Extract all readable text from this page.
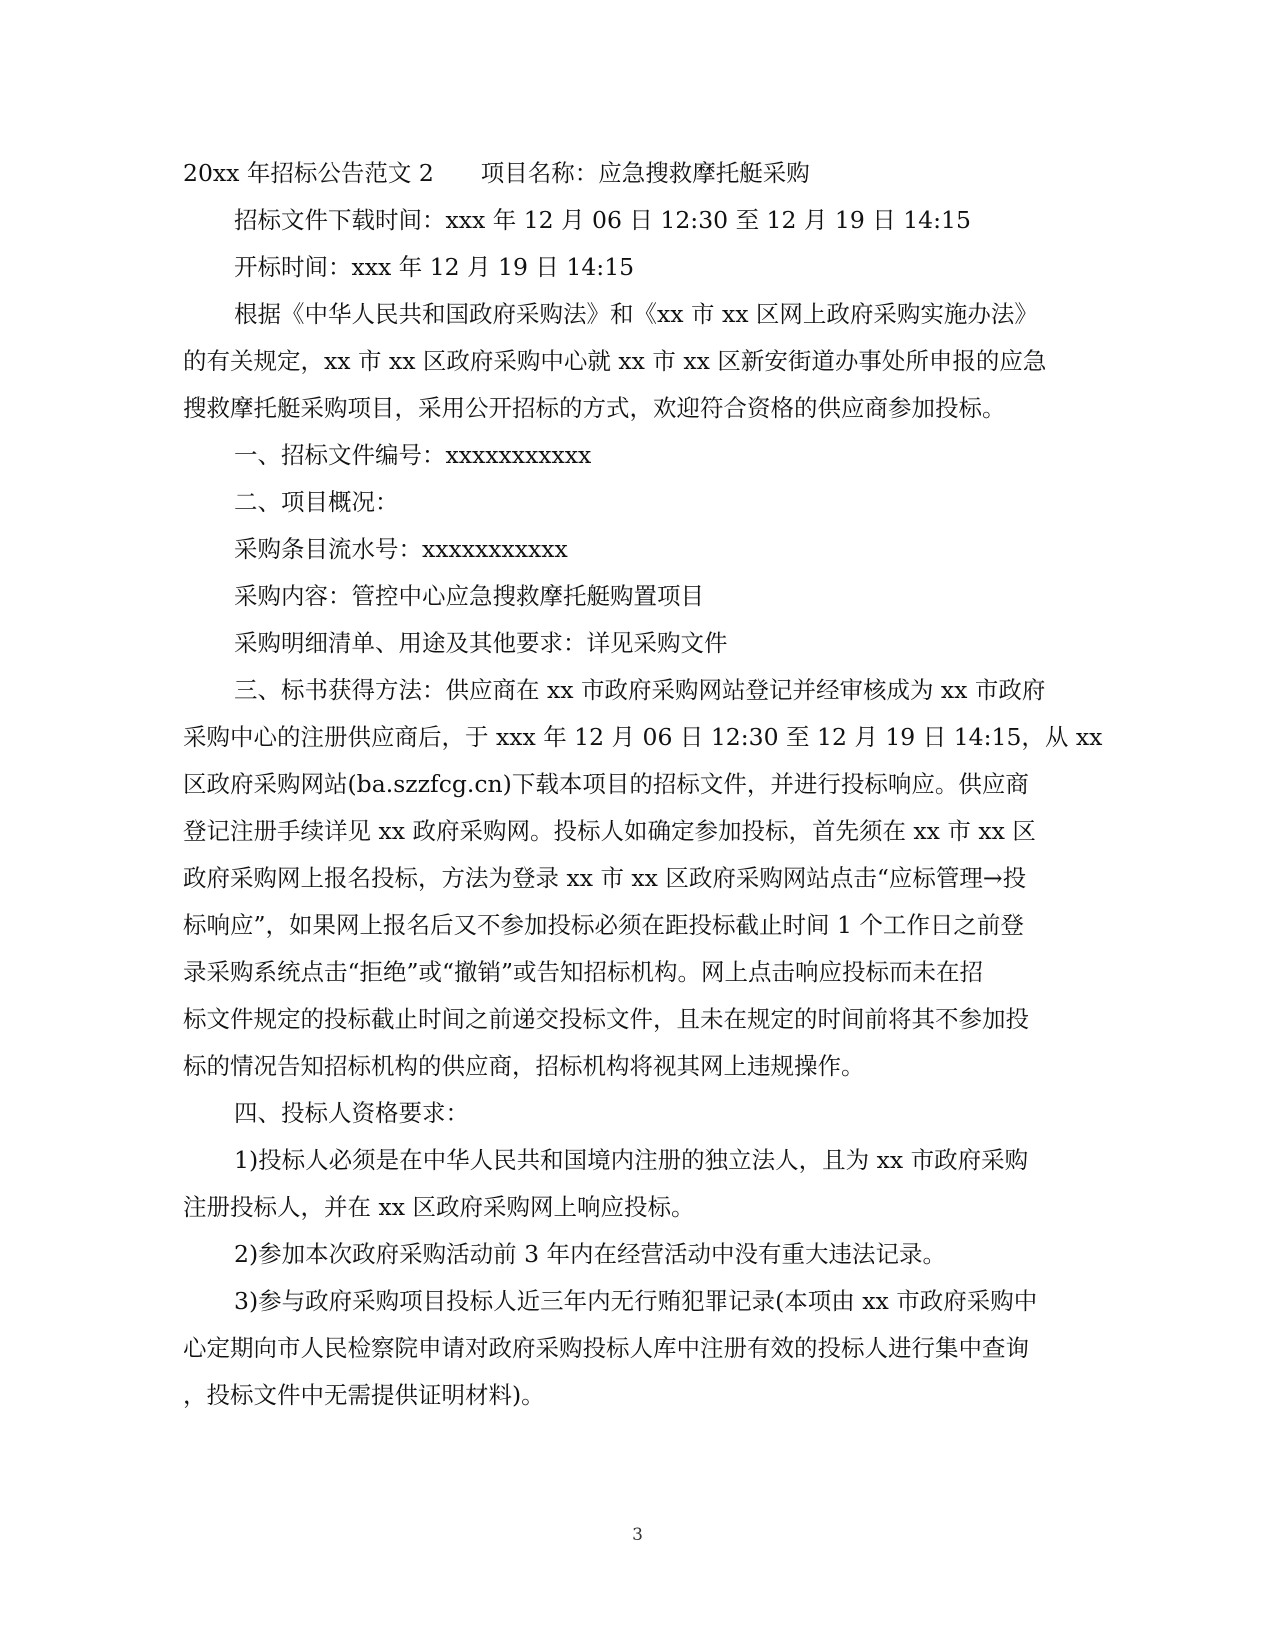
20xx 年招标公告范文 2　　项目名称：应急搜救摩托艇采购
招标文件下载时间：xxx 年 12 月 06 日 12:30 至 12 月 19 日 14:15
开标时间：xxx 年 12 月 19 日 14:15
根据《中华人民共和国政府采购法》和《xx 市 xx 区网上政府采购实施办法》
的有关规定，xx 市 xx 区政府采购中心就 xx 市 xx 区新安街道办事处所申报的应急
搜救摩托艇采购项目，采用公开招标的方式，欢迎符合资格的供应商参加投标。
一、招标文件编号：xxxxxxxxxxx
二、项目概况：
采购条目流水号：xxxxxxxxxxx
采购内容：管控中心应急搜救摩托艇购置项目
采购明细清单、用途及其他要求：详见采购文件
三、标书获得方法：供应商在 xx 市政府采购网站登记并经审核成为 xx 市政府
采购中心的注册供应商后，于 xxx 年 12 月 06 日 12:30 至 12 月 19 日 14:15，从 xx
区政府采购网站(ba.szzfcg.cn)下载本项目的招标文件，并进行投标响应。供应商
登记注册手续详见 xx 政府采购网。投标人如确定参加投标，首先须在 xx 市 xx 区
政府采购网上报名投标，方法为登录 xx 市 xx 区政府采购网站点击“应标管理→投
标响应”，如果网上报名后又不参加投标必须在距投标截止时间 1 个工作日之前登
录采购系统点击“拒绝”或“撤销”或告知招标机构。网上点击响应投标而未在招
标文件规定的投标截止时间之前递交投标文件，且未在规定的时间前将其不参加投
标的情况告知招标机构的供应商，招标机构将视其网上违规操作。
四、投标人资格要求：
1)投标人必须是在中华人民共和国境内注册的独立法人，且为 xx 市政府采购
注册投标人，并在 xx 区政府采购网上响应投标。
2)参加本次政府采购活动前 3 年内在经营活动中没有重大违法记录。
3)参与政府采购项目投标人近三年内无行贿犯罪记录(本项由 xx 市政府采购中
心定期向市人民检察院申请对政府采购投标人库中注册有效的投标人进行集中查询
，投标文件中无需提供证明材料)。
3
